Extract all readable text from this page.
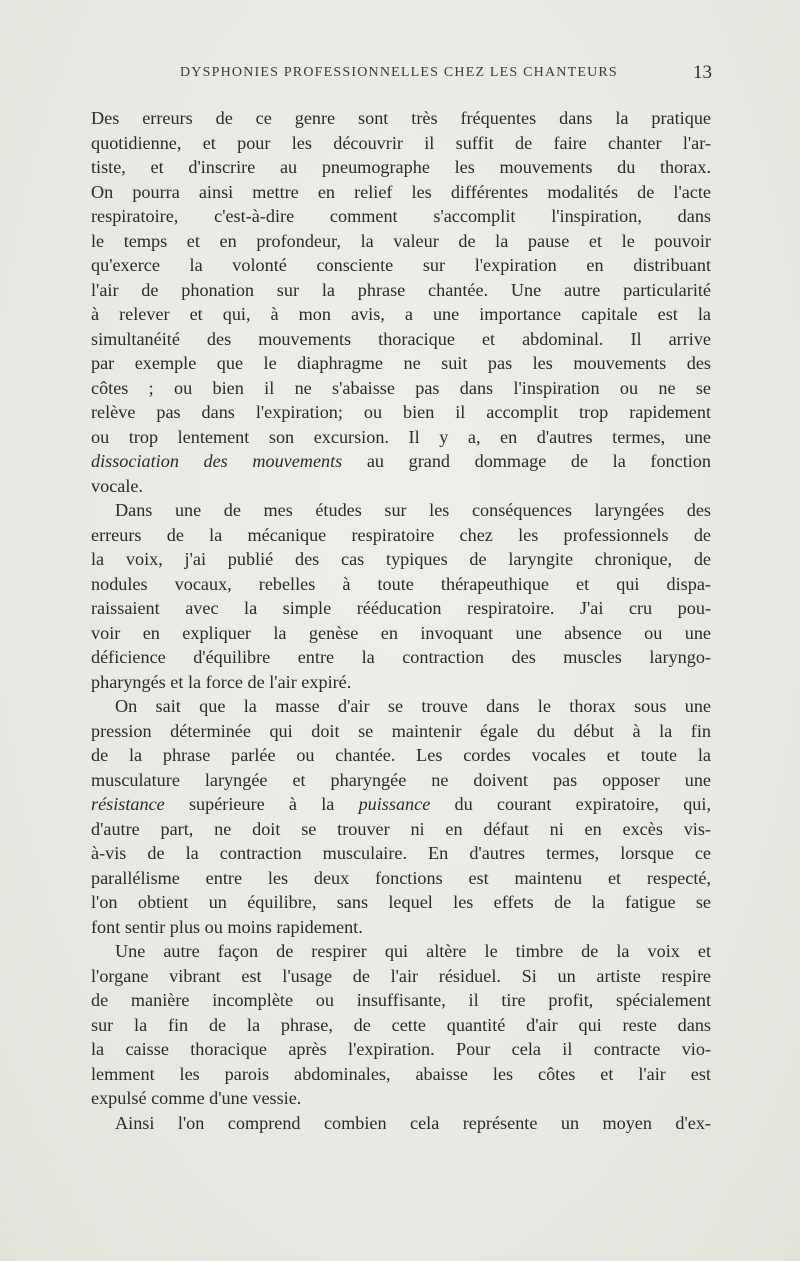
DYSPHONIES PROFESSIONNELLES CHEZ LES CHANTEURS	13
Des erreurs de ce genre sont très fréquentes dans la pratique
quotidienne, et pour les découvrir il suffit de faire chanter l'ar-
tiste, et d'inscrire au pneumographe les mouvements du thorax.
On pourra ainsi mettre en relief les différentes modalités de l'acte
respiratoire, c'est-à-dire comment s'accomplit l'inspiration, dans
le temps et en profondeur, la valeur de la pause et le pouvoir
qu'exerce la volonté consciente sur l'expiration en distribuant
l'air de phonation sur la phrase chantée. Une autre particularité
à relever et qui, à mon avis, a une importance capitale est la
simultanéité des mouvements thoracique et abdominal. Il arrive
par exemple que le diaphragme ne suit pas les mouvements des
côtes ; ou bien il ne s'abaisse pas dans l'inspiration ou ne se
relève pas dans l'expiration; ou bien il accomplit trop rapidement
ou trop lentement son excursion. Il y a, en d'autres termes, une
dissociation des mouvements au grand dommage de la fonction
vocale.
Dans une de mes études sur les conséquences laryngées des
erreurs de la mécanique respiratoire chez les professionnels de
la voix, j'ai publié des cas typiques de laryngite chronique, de
nodules vocaux, rebelles à toute thérapeuthique et qui dispa-
raissaient avec la simple rééducation respiratoire. J'ai cru pou-
voir en expliquer la genèse en invoquant une absence ou une
déficience d'équilibre entre la contraction des muscles laryngo-
pharyngés et la force de l'air expiré.
On sait que la masse d'air se trouve dans le thorax sous une
pression déterminée qui doit se maintenir égale du début à la fin
de la phrase parlée ou chantée. Les cordes vocales et toute la
musculature laryngée et pharyngée ne doivent pas opposer une
résistance supérieure à la puissance du courant expiratoire, qui,
d'autre part, ne doit se trouver ni en défaut ni en excès vis-
à-vis de la contraction musculaire. En d'autres termes, lorsque ce
parallélisme entre les deux fonctions est maintenu et respecté,
l'on obtient un équilibre, sans lequel les effets de la fatigue se
font sentir plus ou moins rapidement.
Une autre façon de respirer qui altère le timbre de la voix et
l'organe vibrant est l'usage de l'air résiduel. Si un artiste respire
de manière incomplète ou insuffisante, il tire profit, spécialement
sur la fin de la phrase, de cette quantité d'air qui reste dans
la caisse thoracique après l'expiration. Pour cela il contracte vio-
lemment les parois abdominales, abaisse les côtes et l'air est
expulsé comme d'une vessie.
Ainsi l'on comprend combien cela représente un moyen d'ex-
